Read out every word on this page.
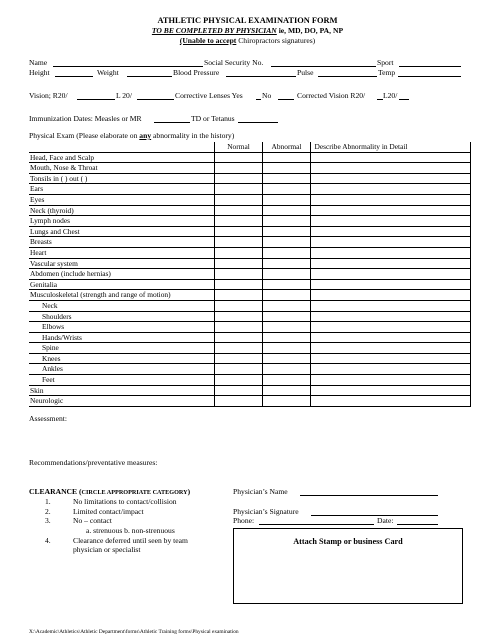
ATHLETIC PHYSICAL EXAMINATION FORM
TO BE COMPLETED BY PHYSICIAN ie, MD, DO, PA, NP
(Unable to accept Chiropractors signatures)
Name	Social Security No.	Sport
Height	Weight	Blood Pressure	Pulse	Temp
Vision; R20/	L 20/	Corrective Lenses Yes	No	Corrected Vision R20/ L20/
Immunization Dates: Measles or MR	TD or Tetanus
Physical Exam (Please elaborate on any abnormality in the history)
	Normal	Abnormal	Describe Abnormality in Detail
Head, Face and Scalp			
Mouth, Nose & Throat			
Tonsils in ( ) out ( )			
Ears			
Eyes			
Neck (thyroid)			
Lymph nodes			
Lungs and Chest			
Breasts			
Heart			
Vascular system			
Abdomen (include hernias)			
Genitalia			
Musculoskeletal (strength and range of motion)			
Neck			
Shoulders			
Elbows			
Hands/Wrists			
Spine			
Knees			
Ankles			
Feet			
Skin			
Neurologic			
Assessment:
Recommendations/preventative measures:
CLEARANCE (CIRCLE APPROPRIATE CATEGORY)
1.	No limitations to contact/collision
2.	Limited contact/impact
3.	No – contact
a. strenuous b. non-strenuous
4.	Clearance deferred until seen by team
physician or specialist
Physician’s Name
Physician’s Signature
Phone:	Date:
Attach Stamp or business Card
X:\Academic\Athletics\Athletic Department\forms\Athletic Training forms\Physical examination
